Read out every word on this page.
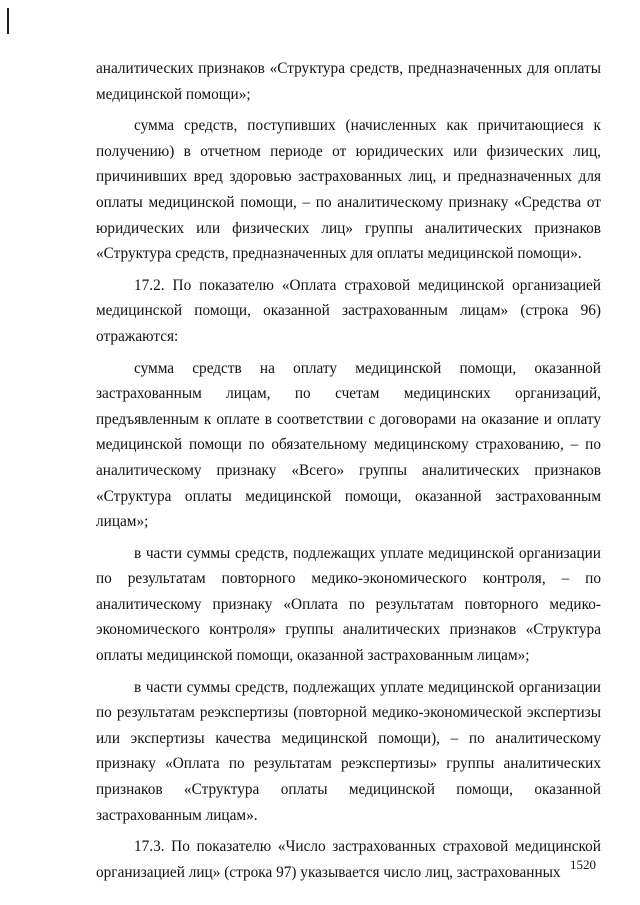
аналитических признаков «Структура средств, предназначенных для оплаты медицинской помощи»;

сумма средств, поступивших (начисленных как причитающиеся к получению) в отчетном периоде от юридических или физических лиц, причинивших вред здоровью застрахованных лиц, и предназначенных для оплаты медицинской помощи, – по аналитическому признаку «Средства от юридических или физических лиц» группы аналитических признаков «Структура средств, предназначенных для оплаты медицинской помощи».

17.2. По показателю «Оплата страховой медицинской организацией медицинской помощи, оказанной застрахованным лицам» (строка 96) отражаются:

сумма средств на оплату медицинской помощи, оказанной застрахованным лицам, по счетам медицинских организаций, предъявленным к оплате в соответствии с договорами на оказание и оплату медицинской помощи по обязательному медицинскому страхованию, – по аналитическому признаку «Всего» группы аналитических признаков «Структура оплаты медицинской помощи, оказанной застрахованным лицам»;

в части суммы средств, подлежащих уплате медицинской организации по результатам повторного медико-экономического контроля, – по аналитическому признаку «Оплата по результатам повторного медико-экономического контроля» группы аналитических признаков «Структура оплаты медицинской помощи, оказанной застрахованным лицам»;

в части суммы средств, подлежащих уплате медицинской организации по результатам реэкспертизы (повторной медико-экономической экспертизы или экспертизы качества медицинской помощи), – по аналитическому признаку «Оплата по результатам реэкспертизы» группы аналитических признаков «Структура оплаты медицинской помощи, оказанной застрахованным лицам».

17.3. По показателю «Число застрахованных страховой медицинской организацией лиц» (строка 97) указывается число лиц, застрахованных 1520
